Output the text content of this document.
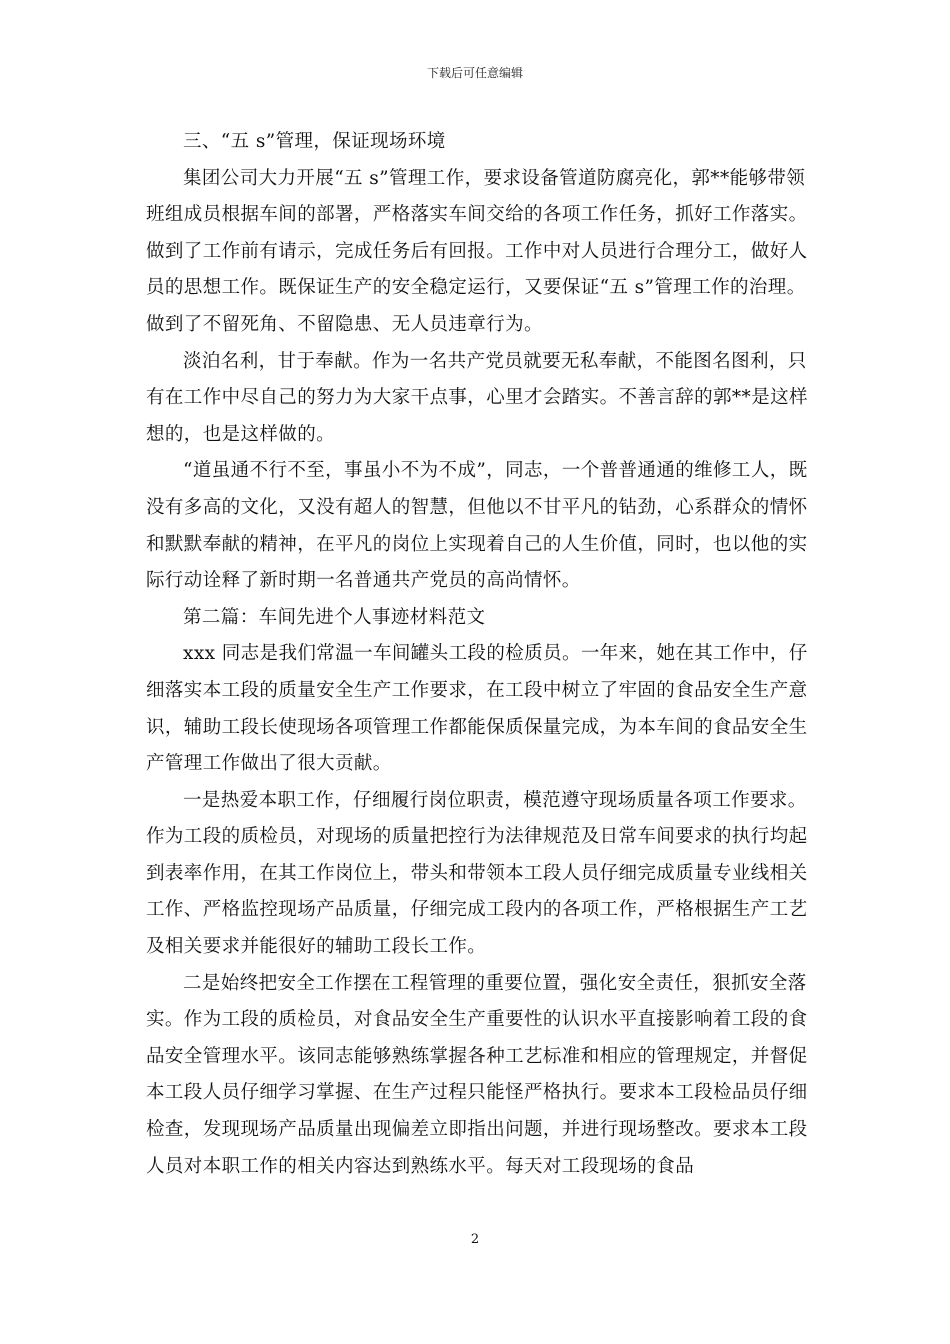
下载后可任意编辑

三、“五 s”管理，保证现场环境

集团公司大力开展“五 s”管理工作，要求设备管道防腐亮化，郭**能够带领班组成员根据车间的部署，严格落实车间交给的各项工作任务，抓好工作落实。做到了工作前有请示，完成任务后有回报。工作中对人员进行合理分工，做好人员的思想工作。既保证生产的安全稳定运行，又要保证“五 s”管理工作的治理。做到了不留死角、不留隐患、无人员违章行为。

淡泊名利，甘于奉献。作为一名共产党员就要无私奉献，不能图名图利，只有在工作中尽自己的努力为大家干点事，心里才会踏实。不善言辞的郭**是这样想的，也是这样做的。

“道虽通不行不至，事虽小不为不成”，同志，一个普普通通的维修工人，既没有多高的文化，又没有超人的智慧，但他以不甘平凡的钻劲，心系群众的情怀和默默奉献的精神，在平凡的岗位上实现着自己的人生价值，同时，也以他的实际行动诠释了新时期一名普通共产党员的高尚情怀。

第二篇：车间先进个人事迹材料范文

xxx 同志是我们常温一车间罐头工段的检质员。一年来，她在其工作中，仔细落实本工段的质量安全生产工作要求，在工段中树立了牢固的食品安全生产意识，辅助工段长使现场各项管理工作都能保质保量完成，为本车间的食品安全生产管理工作做出了很大贡献。

一是热爱本职工作，仔细履行岗位职责，模范遵守现场质量各项工作要求。作为工段的质检员，对现场的质量把控行为法律规范及日常车间要求的执行均起到表率作用，在其工作岗位上，带头和带领本工段人员仔细完成质量专业线相关工作、严格监控现场产品质量，仔细完成工段内的各项工作，严格根据生产工艺及相关要求并能很好的辅助工段长工作。

二是始终把安全工作摆在工程管理的重要位置，强化安全责任，狠抓安全落实。作为工段的质检员，对食品安全生产重要性的认识水平直接影响着工段的食品安全管理水平。该同志能够熟练掌握各种工艺标准和相应的管理规定，并督促本工段人员仔细学习掌握、在生产过程只能怪严格执行。要求本工段检品员仔细检查，发现现场产品质量出现偏差立即指出问题，并进行现场整改。要求本工段人员对本职工作的相关内容达到熟练水平。每天对工段现场的食品

2
